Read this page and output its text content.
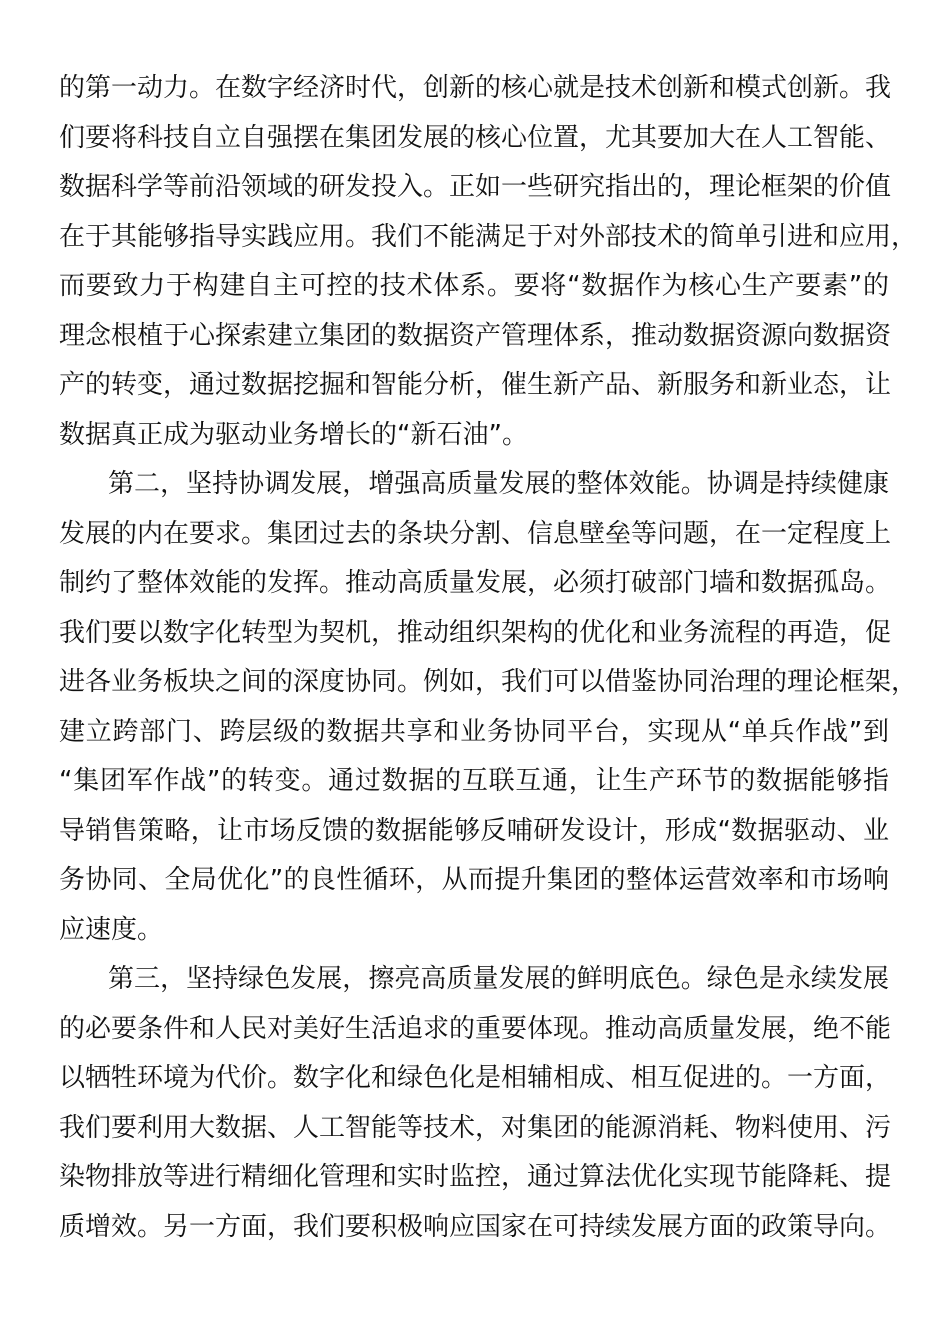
的第一动力。在数字经济时代，创新的核心就是技术创新和模式创新。我
们要将科技自立自强摆在集团发展的核心位置，尤其要加大在人工智能、
数据科学等前沿领域的研发投入。正如一些研究指出的，理论框架的价值
在于其能够指导实践应用。我们不能满足于对外部技术的简单引进和应用，
而要致力于构建自主可控的技术体系。要将“数据作为核心生产要素”的
理念根植于心探索建立集团的数据资产管理体系，推动数据资源向数据资
产的转变，通过数据挖掘和智能分析，催生新产品、新服务和新业态，让
数据真正成为驱动业务增长的“新石油”。
第二，坚持协调发展，增强高质量发展的整体效能。协调是持续健康
发展的内在要求。集团过去的条块分割、信息壁垒等问题，在一定程度上
制约了整体效能的发挥。推动高质量发展，必须打破部门墙和数据孤岛。
我们要以数字化转型为契机，推动组织架构的优化和业务流程的再造，促
进各业务板块之间的深度协同。例如，我们可以借鉴协同治理的理论框架，
建立跨部门、跨层级的数据共享和业务协同平台，实现从“单兵作战”到
“集团军作战”的转变。通过数据的互联互通，让生产环节的数据能够指
导销售策略，让市场反馈的数据能够反哺研发设计，形成“数据驱动、业
务协同、全局优化”的良性循环，从而提升集团的整体运营效率和市场响
应速度。
第三，坚持绿色发展，擦亮高质量发展的鲜明底色。绿色是永续发展
的必要条件和人民对美好生活追求的重要体现。推动高质量发展，绝不能
以牺牲环境为代价。数字化和绿色化是相辅相成、相互促进的。一方面，
我们要利用大数据、人工智能等技术，对集团的能源消耗、物料使用、污
染物排放等进行精细化管理和实时监控，通过算法优化实现节能降耗、提
质增效。另一方面，我们要积极响应国家在可持续发展方面的政策导向。
